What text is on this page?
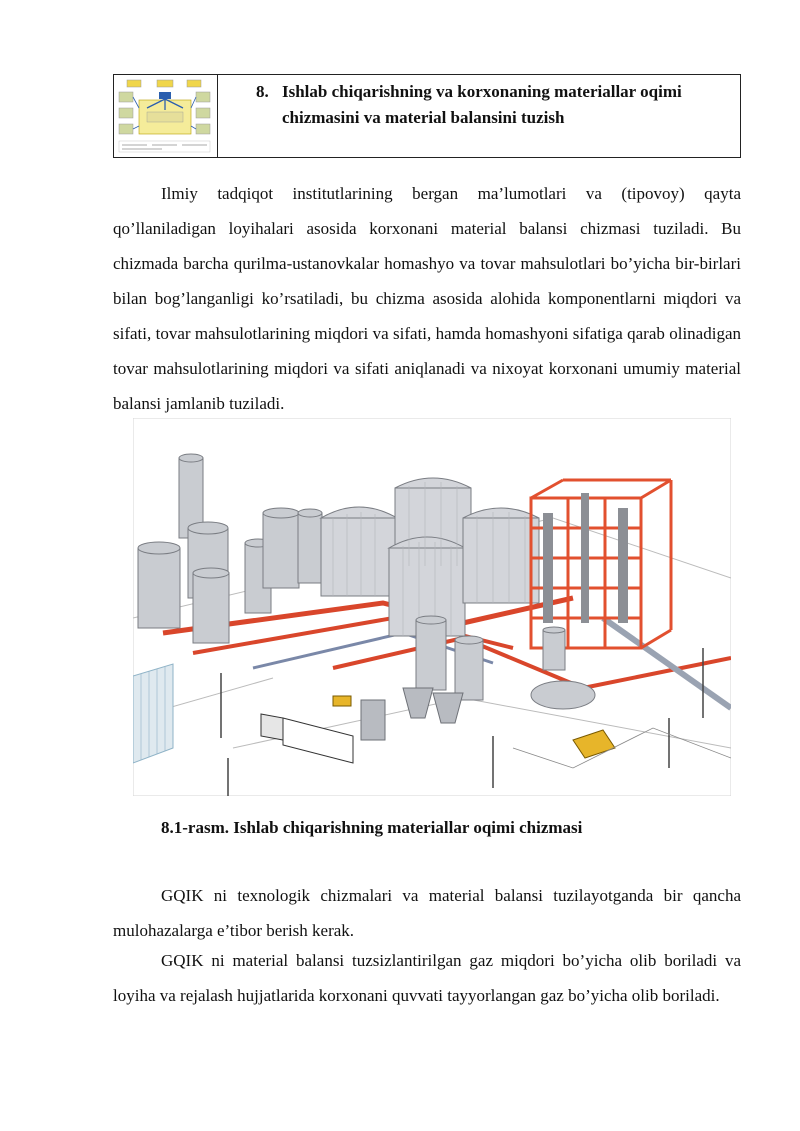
8. Ishlab chiqarishning va korxonaning materiallar oqimi chizmasini va material balansini tuzish

Ilmiy tadqiqot institutlarining bergan ma’lumotlari va (tipovoy) qayta qo’llaniladigan loyihalari asosida korxonani material balansi chizmasi tuziladi. Bu chizmada barcha qurilma-ustanovkalar homashyo va tovar mahsulotlari bo’yicha bir-birlari bilan bog’langanligi ko’rsatiladi, bu chizma asosida alohida komponentlarni miqdori va sifati, tovar mahsulotlarining miqdori va sifati, hamda homashyoni sifatiga qarab olinadigan tovar mahsulotlarining miqdori va sifati aniqlanadi va nixoyat korxonani umumiy material balansi jamlanib tuziladi.

8.1-rasm. Ishlab chiqarishning materiallar oqimi chizmasi

GQIK ni texnologik chizmalari va material balansi tuzilayotganda bir qancha mulohazalarga e’tibor berish kerak.

GQIK ni material balansi tuzsizlantirilgan gaz miqdori bo’yicha olib boriladi va loyiha va rejalash hujjatlarida korxonani quvvati tayyorlangan gaz bo’yicha olib boriladi.
